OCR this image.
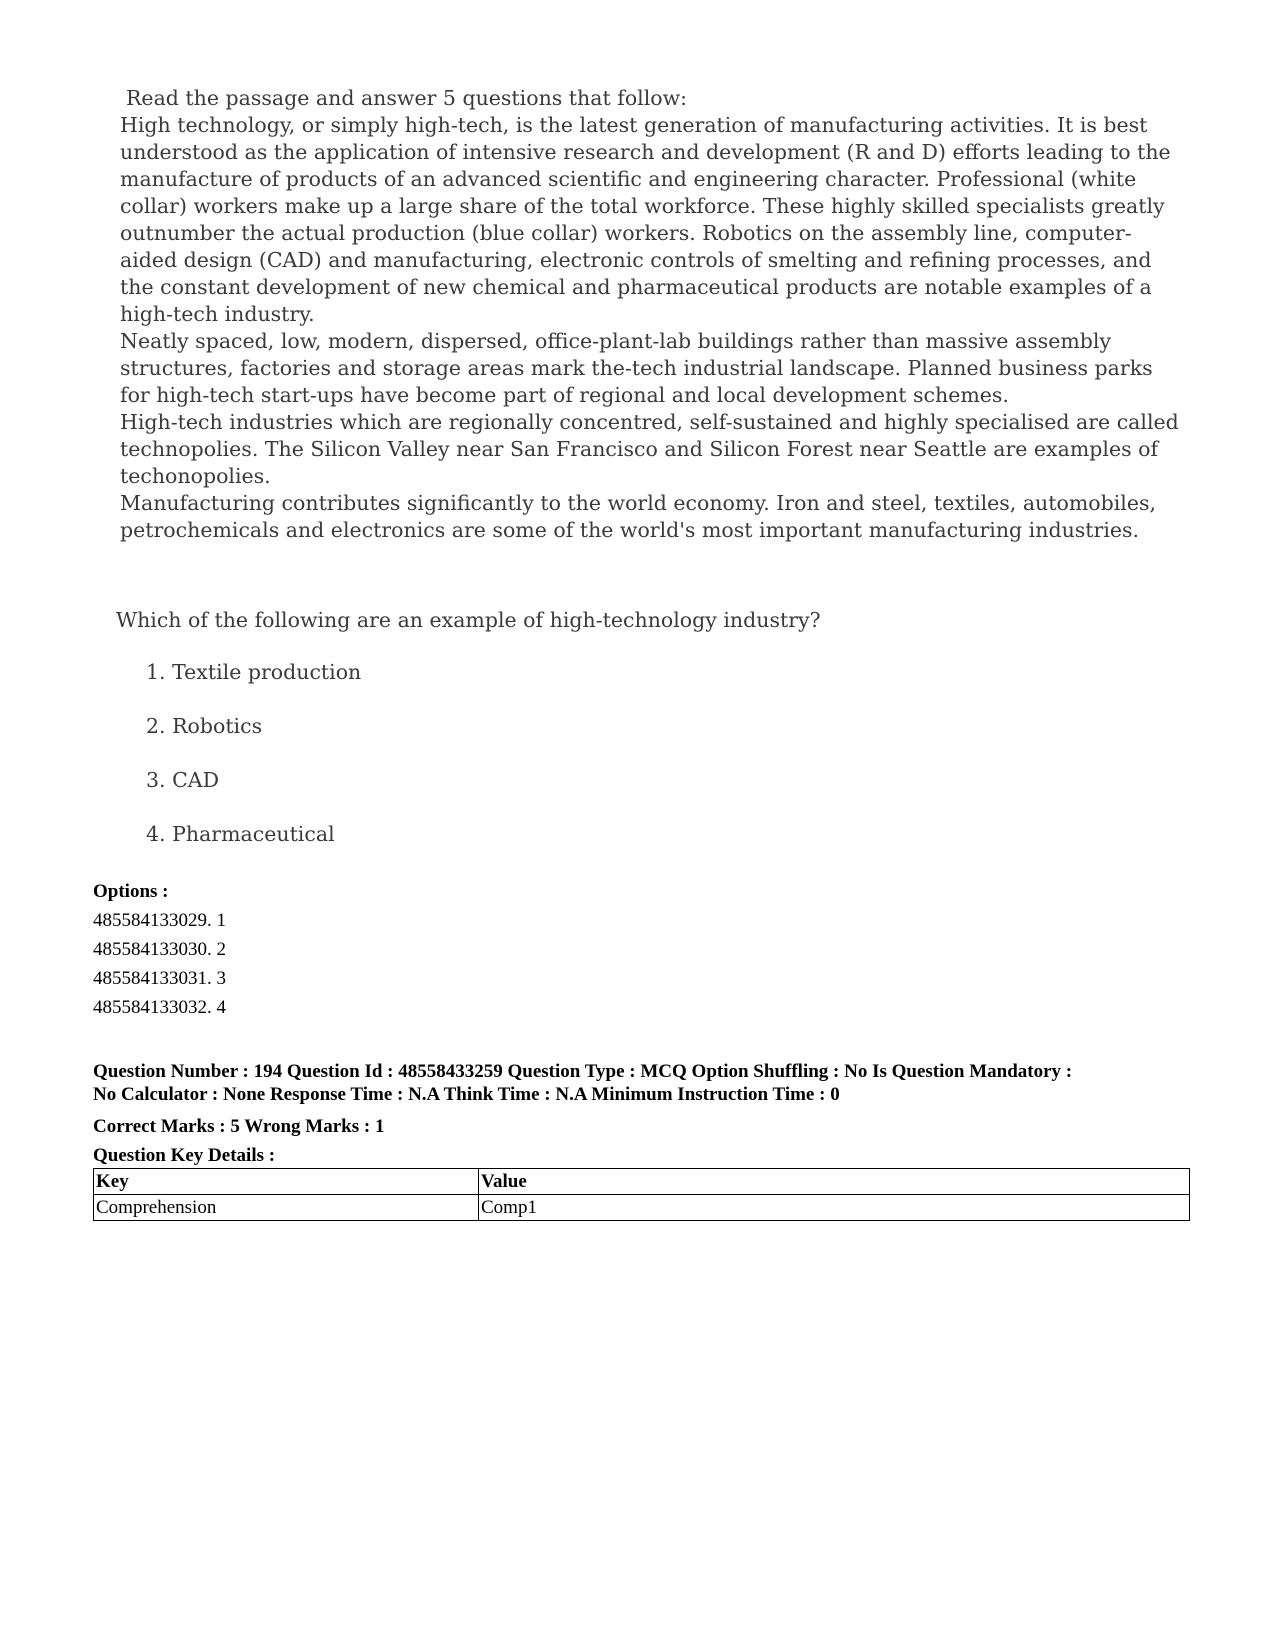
Read the passage and answer 5 questions that follow:

High technology, or simply high-tech, is the latest generation of manufacturing activities. It is best understood as the application of intensive research and development (R and D) efforts leading to the manufacture of products of an advanced scientific and engineering character. Professional (white collar) workers make up a large share of the total workforce. These highly skilled specialists greatly outnumber the actual production (blue collar) workers. Robotics on the assembly line, computer-aided design (CAD) and manufacturing, electronic controls of smelting and refining processes, and the constant development of new chemical and pharmaceutical products are notable examples of a high-tech industry.

Neatly spaced, low, modern, dispersed, office-plant-lab buildings rather than massive assembly structures, factories and storage areas mark the-tech industrial landscape. Planned business parks for high-tech start-ups have become part of regional and local development schemes.

High-tech industries which are regionally concentred, self-sustained and highly specialised are called technopolies. The Silicon Valley near San Francisco and Silicon Forest near Seattle are examples of techonopolies.

Manufacturing contributes significantly to the world economy. Iron and steel, textiles, automobiles, petrochemicals and electronics are some of the world's most important manufacturing industries.

Which of the following are an example of high-technology industry?

1. Textile production
2. Robotics
3. CAD
4. Pharmaceutical
Options :
485584133029. 1
485584133030. 2
485584133031. 3
485584133032. 4

Question Number : 194 Question Id : 48558433259 Question Type : MCQ Option Shuffling : No Is Question Mandatory :

No Calculator : None Response Time : N.A Think Time : N.A Minimum Instruction Time : 0

Correct Marks : 5 Wrong Marks : 1

Question Key Details :

Key	Value
Comprehension	Comp1
